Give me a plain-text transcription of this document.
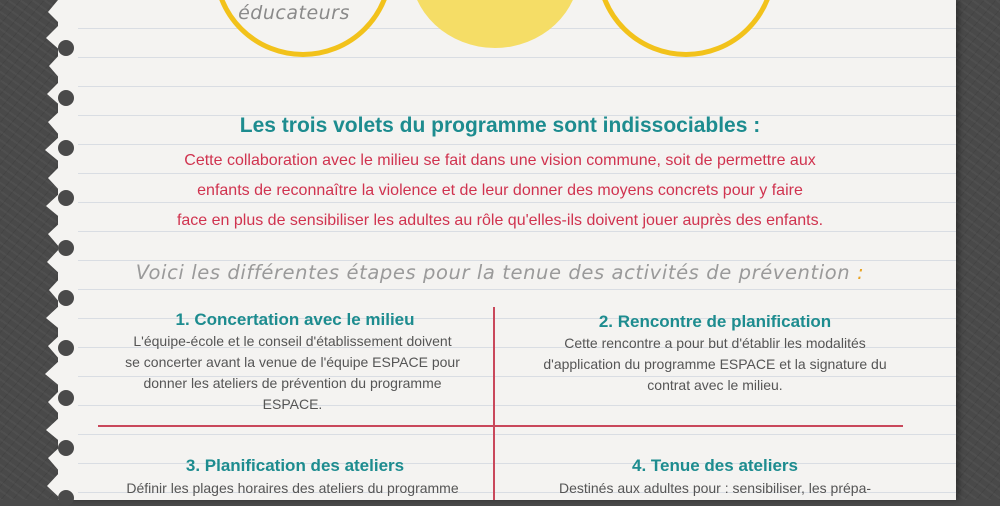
éducateurs
Les trois volets du programme sont indissociables :
Cette collaboration avec le milieu se fait dans une vision commune, soit de permettre aux
enfants de reconnaître la violence et de leur donner des moyens concrets pour y faire
face en plus de sensibiliser les adultes au rôle qu'elles-ils doivent jouer auprès des enfants.
Voici les différentes étapes pour la tenue des activités de prévention :
1. Concertation avec le milieu
L'équipe-école et le conseil d'établissement doivent
se concerter avant la venue de l'équipe ESPACE pour
donner les ateliers de prévention du programme
ESPACE.
2. Rencontre de planification
Cette rencontre a pour but d'établir les modalités
d'application du programme ESPACE et la signature du
contrat avec le milieu.
3. Planification des ateliers
Définir les plages horaires des ateliers du programme
4. Tenue des ateliers
Destinés aux adultes pour : sensibiliser, les prépa-
